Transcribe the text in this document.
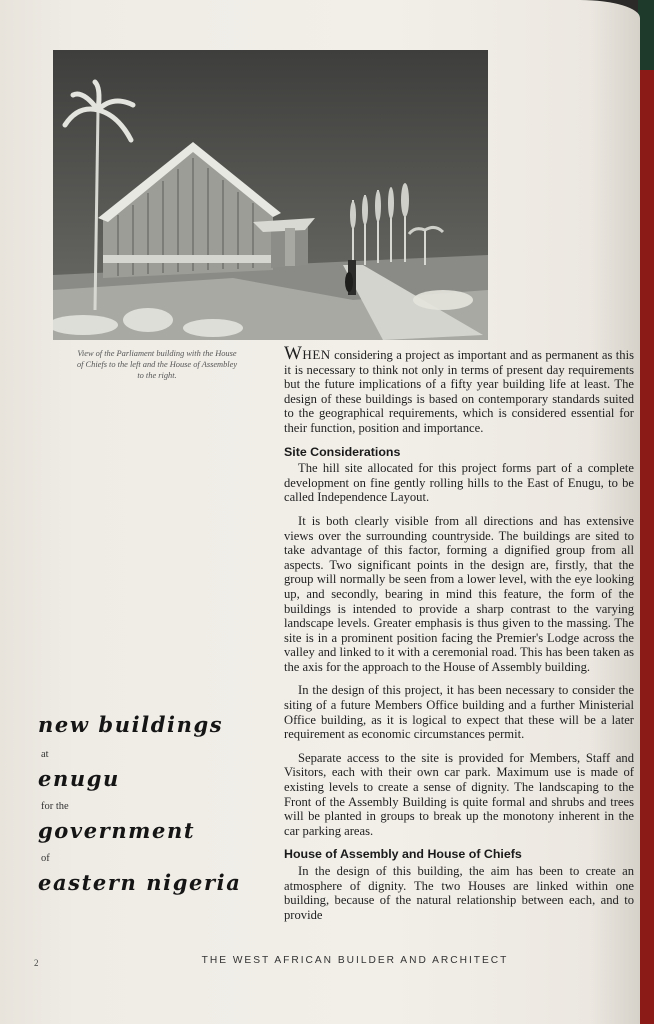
View of the Parliament building with the House
of Chiefs to the left and the House of Assembley
to the right.

When considering a project as important and as permanent as this it is necessary to think not only in terms of present day requirements but the future implications of a fifty year building life at least. The design of these buildings is based on contemporary standards suited to the geographical requirements, which is considered essential for their function, position and importance.

Site Considerations

The hill site allocated for this project forms part of a complete development on fine gently rolling hills to the East of Enugu, to be called Independence Layout.

It is both clearly visible from all directions and has extensive views over the surrounding countryside. The buildings are sited to take advantage of this factor, forming a dignified group from all aspects. Two significant points in the design are, firstly, that the group will normally be seen from a lower level, with the eye looking up, and secondly, bearing in mind this feature, the form of the buildings is intended to provide a sharp contrast to the varying landscape levels. Greater emphasis is thus given to the massing. The site is in a prominent position facing the Premier's Lodge across the valley and linked to it with a ceremonial road. This has been taken as the axis for the approach to the House of Assembly building.

In the design of this project, it has been necessary to consider the siting of a future Members Office building and a further Ministerial Office building, as it is logical to expect that these will be a later requirement as economic circumstances permit.

Separate access to the site is provided for Members, Staff and Visitors, each with their own car park. Maximum use is made of existing levels to create a sense of dignity. The landscaping to the Front of the Assembly Building is quite formal and shrubs and trees will be planted in groups to break up the monotony inherent in the car parking areas.

House of Assembly and House of Chiefs

In the design of this building, the aim has been to create an atmosphere of dignity. The two Houses are linked within one building, because of the natural relationship between each, and to provide

new buildings
at
enugu
for the
government
of
eastern nigeria
2	THE WEST AFRICAN BUILDER AND ARCHITECT
